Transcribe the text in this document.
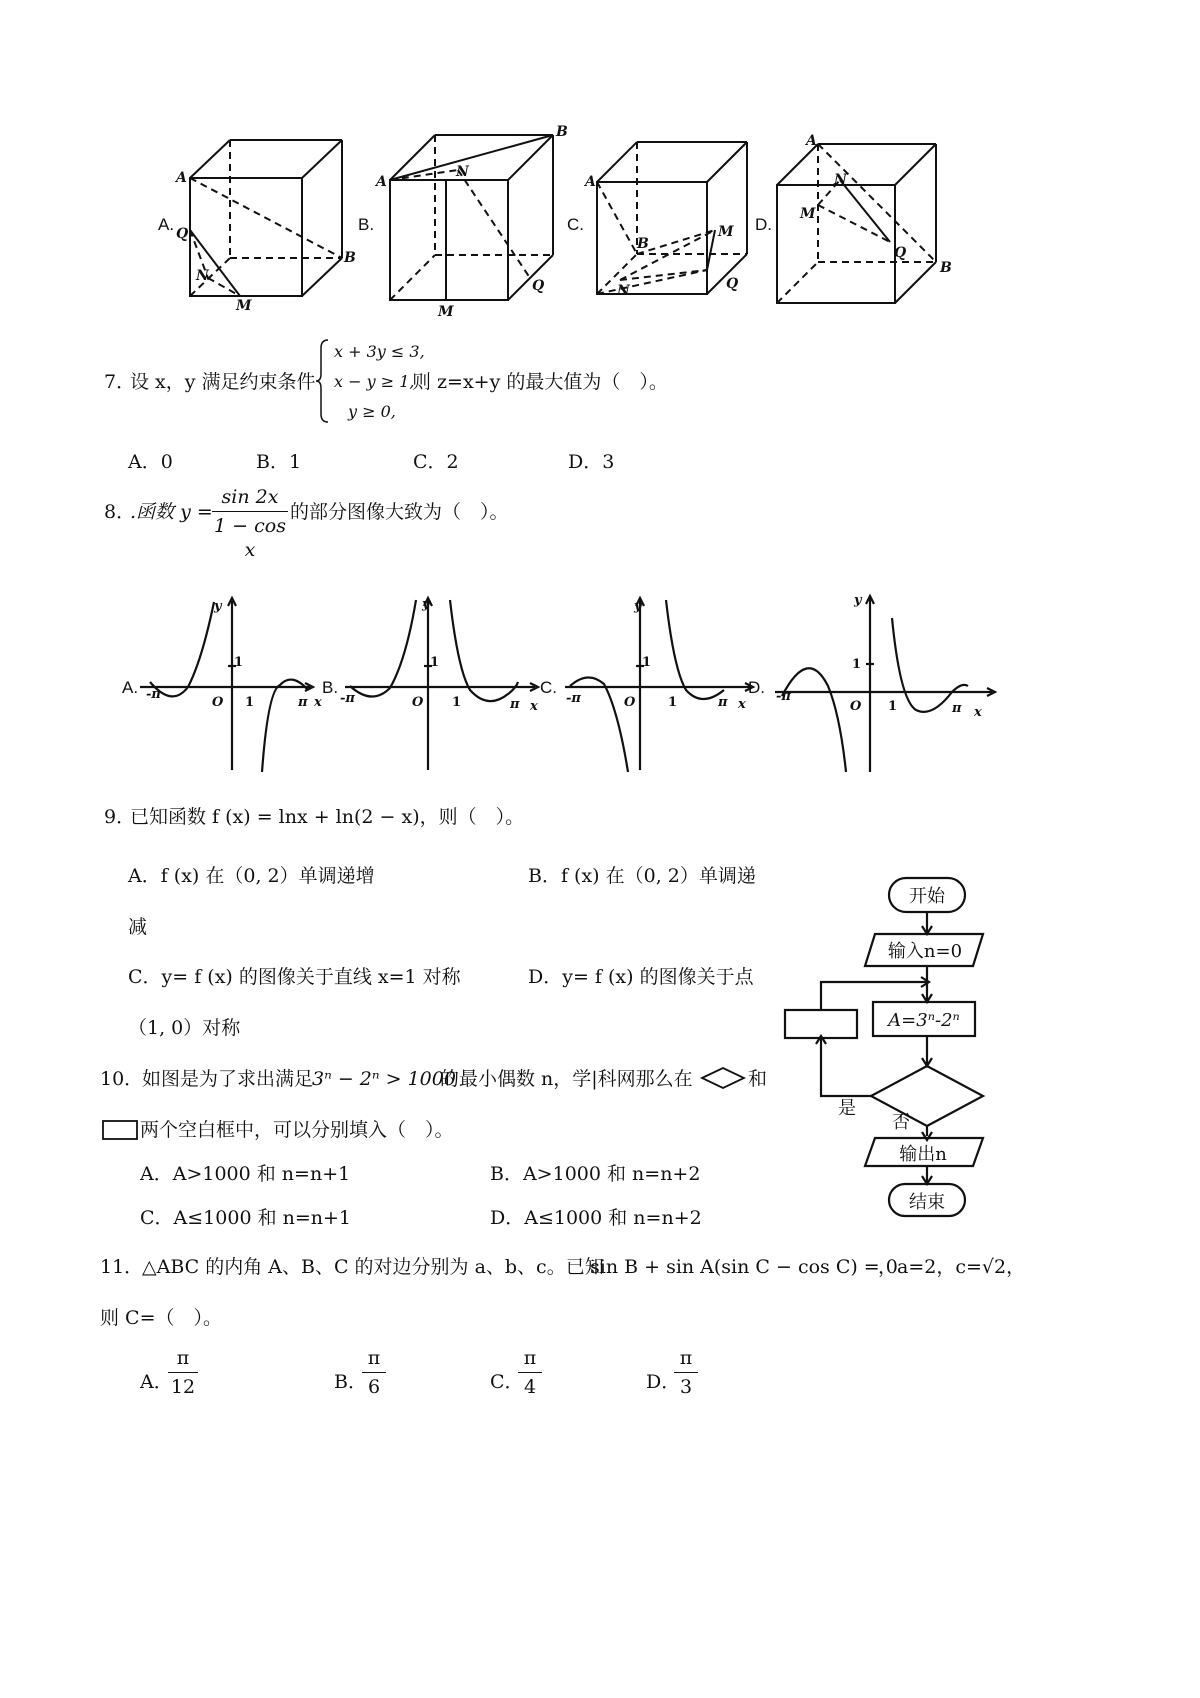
A
Q
N
M
B
A
N
B
M
Q
A
B
M
N	Q
A
N
M
Q
B
A.	B.	C.	D.
7．
设 x，y 满足约束条件
x + 3y ≤ 3,
x − y ≥ 1,
y ≥ 0,
则 z=x+y 的最大值为（　）。
A．0	B．1	C．2	D．3
8．
.函数 y =
sin 2x
1 − cos x
的部分图像大致为（　）。
y
1
O 1
-π
π x
y
1
O 1
-π	π x
y
1
O	1
-π	π x
y
1
O 1
-π
π x
A.	B.	C.	D.
9．
已知函数 f (x) = lnx + ln(2 − x)，则（　）。
A．f (x) 在（0, 2）单调递增	B．f (x) 在（0, 2）单调递
减
C．y= f (x) 的图像关于直线 x=1 对称	D．y= f (x) 的图像关于点
（1, 0）对称
10．
如图是为了求出满足
3ⁿ − 2ⁿ > 1000
的最小偶数 n，学|科网那么在	和
两个空白框中，可以分别填入（　）。
A．A>1000 和 n=n+1	B．A>1000 和 n=n+2
C．A≤1000 和 n=n+1	D．A≤1000 和 n=n+2
开始
输入n=0
A=3ⁿ-2ⁿ
是
否
输出n
结束
11．
△ABC 的内角 A、B、C 的对边分别为 a、b、c。已知
sin B + sin A(sin C − cos C) = 0
，a=2，c=√2，
则 C=（　）。
A．
π
12	B．
π
6	C．
π
4	D．
π
3
